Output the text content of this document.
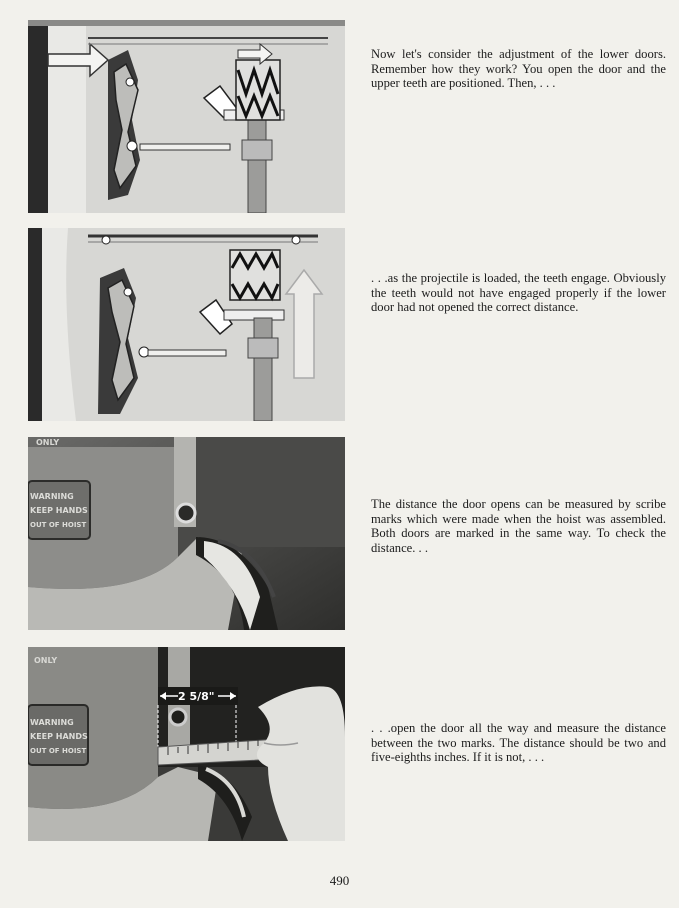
Now let's consider the adjustment of the lower doors. Remember how they work? You open the door and the upper teeth are positioned. Then, . . .

. . .as the projectile is loaded, the teeth engage. Obviously the teeth would not have engaged properly if the lower door had not opened the correct distance.

ONLY
WARNING
KEEP HANDS
OUT OF HOIST

The distance the door opens can be measured by scribe marks which were made when the hoist was assembled. Both doors are marked in the same way. To check the distance. . .

ONLY
WARNING
KEEP HANDS
OUT OF HOIST
2 5/8"

. . .open the door all the way and measure the distance between the two marks. The distance should be two and five-eighths inches. If it is not, . . .

490
